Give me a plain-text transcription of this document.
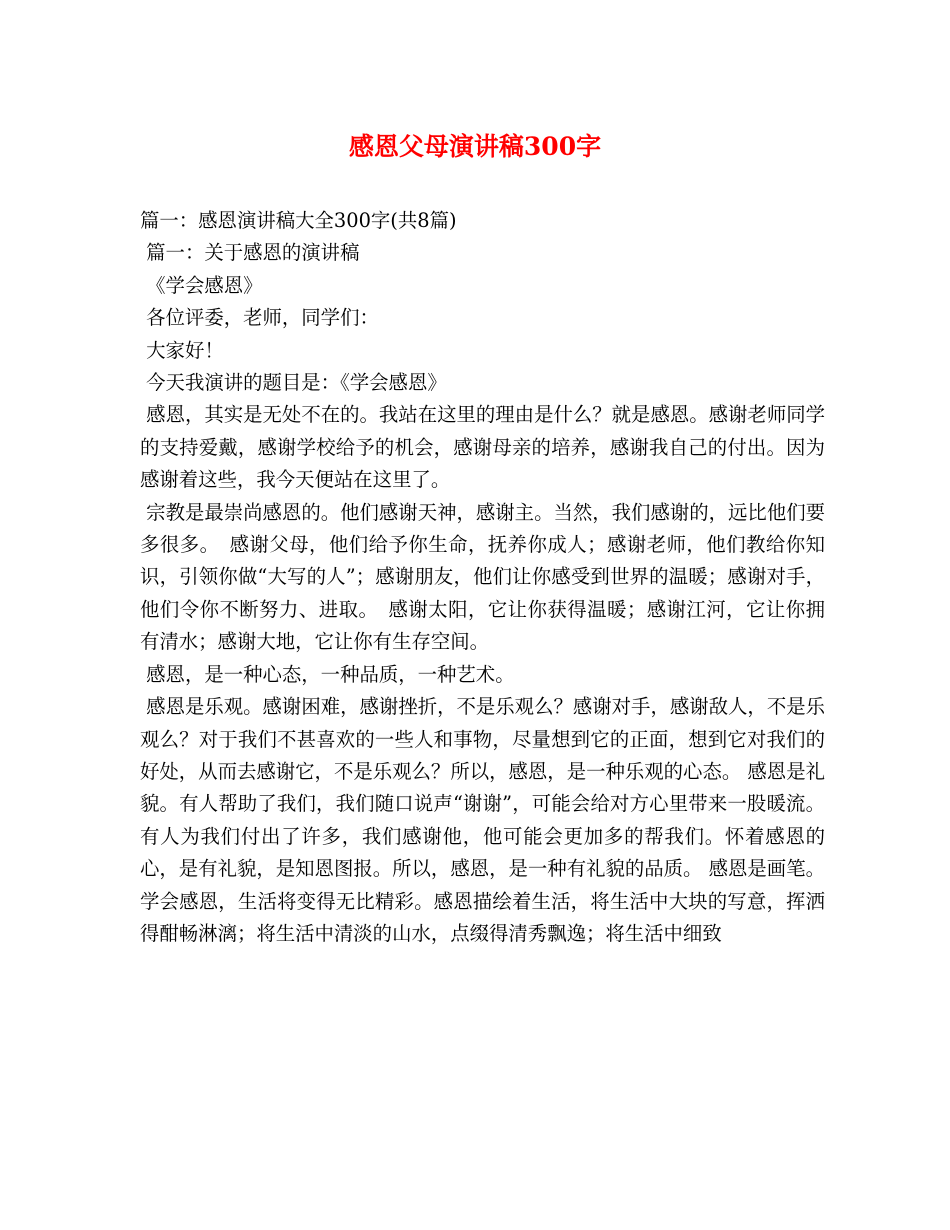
感恩父母演讲稿300字

篇一：感恩演讲稿大全300字(共8篇)

篇一：关于感恩的演讲稿

《学会感恩》

各位评委，老师，同学们：

大家好！

今天我演讲的题目是：《学会感恩》

感恩，其实是无处不在的。我站在这里的理由是什么？就是感恩。感谢老师同学的支持爱戴，感谢学校给予的机会，感谢母亲的培养，感谢我自己的付出。因为感谢着这些，我今天便站在这里了。

宗教是最崇尚感恩的。他们感谢天神，感谢主。当然，我们感谢的，远比他们要多很多。　感谢父母，他们给予你生命，抚养你成人；感谢老师，他们教给你知识，引领你做“大写的人”；感谢朋友，他们让你感受到世界的温暖；感谢对手，他们令你不断努力、进取。　感谢太阳，它让你获得温暖；感谢江河，它让你拥有清水；感谢大地，它让你有生存空间。

感恩，是一种心态，一种品质，一种艺术。

感恩是乐观。感谢困难，感谢挫折，不是乐观么？感谢对手，感谢敌人，不是乐观么？对于我们不甚喜欢的一些人和事物，尽量想到它的正面，想到它对我们的好处，从而去感谢它，不是乐观么？所以，感恩，是一种乐观的心态。 感恩是礼貌。有人帮助了我们，我们随口说声“谢谢”，可能会给对方心里带来一股暖流。有人为我们付出了许多，我们感谢他，他可能会更加多的帮我们。怀着感恩的心，是有礼貌，是知恩图报。所以，感恩，是一种有礼貌的品质。 感恩是画笔。学会感恩，生活将变得无比精彩。感恩描绘着生活，将生活中大块的写意，挥洒得酣畅淋漓；将生活中清淡的山水，点缀得清秀飘逸；将生活中细致
